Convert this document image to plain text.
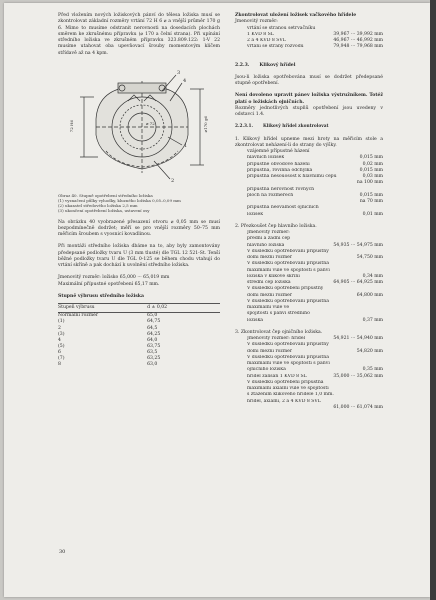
Před vložením nových ložiskových pánví do tělesa ložiska musí se zkontrolovat základní rozměry vrtání 72 H 6 ⌀ a vnější průměr 170 g 6. Mimo to musíme odstranit nerovnosti na dosedacích plochách směrem ke zkrušnému přípravku (⌀ 170 a čelní strana). Při upínání středního ložiska ve zkrušném přípravku 323.809.122: 1-V 22 musíme utahovat oba upevňovací šrouby momentovým klíčem střídavě až na 4 kpm.

3
4
1
2
72 H6	⌀170 g6
⌀ 72
Obraz 40. Stupně opotřebení středního ložiska
(1) vyznačení půlky vyhodky, kluzného ložiska 0,05–0,09 mm
(2) ukazatel středového ložiska 2,5 mm
(3) ukončení opotřebení ložiska, ustavení osy

Na obrázku 40 vyobrazené přesazení otvoru ⌀ 0,05 mm se musí bezpodmínečně dodržet; měří se pro vnější rozměry 50–75 mm měřicím šroubem s vyosnicí kovadlinou.

Při montáži středního ložiska dbáme na to, aby byly zamontovány předepsané podložky tvaru U (3 mm tlusté) dle TGL 12 521-St. Tenší běžné podložky tvaru U dle TGL 0-125 se během chodu vtahují do vrtání skříně a pak dochází k uvolnění středního ložiska.

Jmenovitý rozměr: ložisko 65,000 ··· 65,019 mm

Maximální přípustné opotřebení 65,17 mm.

Stupně výbrusu středního ložiska
Stupeň výbrusu	d ± 0,02
Normální rozměr	65,0
(1)	64,75
2	64,5
(3)	64,25
4	64,0
(5)	63,75
6	63,5
(7)	63,25
8	63,0
Zkontrolovat uložení ložisek vačkového hřídele
Jmenovitý rozměr:
vrtání se stranou setrvačníku
1 KVD 8 SL	39,967 ··· 39,992 mm
2 a 4 KVD 8 SVL	46,967 ··· 46,992 mm
vrtání se strany rozvodu	79,948 ··· 79,968 mm
2.2.3. Klikový hřídel

Jsou-li ložiska opotřebována musí se dodržet předepsané stupně opotřebení.

Není dovoleno upravit pánev ložiska výstružníkem. Totéž platí o ložiskách ojničních.

Rozměry jednotlivých stupňů opotřebení jsou uvedeny v odstavci 1.4.

2.2.3.1. Klikový hřídel zkontrolovat

1. Klikový hřídel upneme mezi hroty na měřicím stole a zkontrolovat neházení-li do strany do výšky.

vzájemné přípustné házení
hlavních ložisek	0,015 mm
přípustné obvodové házení	0,02 mm
přípustná, rovinná odchylka	0,015 mm
přípustná nesouosost k hlavnímu čepu	0,03 mm
na 100 mm
přípustná nerovnost rovných
ploch na rozměrech	0,015 mm
na 70 mm
přípustná neoválnost ojničních
ložisek	0,01 mm

2. Přezkoušet čep hlavního ložiska.

Jmenovitý rozměr:
přední a zadní čep
hlavního ložiska	54,935 ··· 54,975 mm
V důsledku opotřebování přípustný
dolní mezní rozměr	54,750 mm
V důsledku opotřebování přípustná
maximální vůle ve spojitosti s pánví
ložiska v klikové skříni	0,34 mm
střední čep ložiska	64,905 ··· 64,925 mm
V důsledku opotřebení přípustný
dolní mezní rozměr	64,800 mm
V důsledku opotřebování přípustná
maximální vůle ve
spojitosti s pánví středního
ložiska	0,37 mm

3. Zkontrolovat čep ojničního ložiska.

Jmenovitý rozměr: hřídel	54,921 ··· 54,940 mm
V důsledku opotřebování přípustný
dolní mezní rozměr	54,820 mm
V důsledku opotřebování přípustná
maximální vůle ve spojitosti s pánví
ojničního ložiska	0,35 mm
hřídel zalisán 1 KVD 8 SL	35,000 ··· 35,062 mm
V důsledku opotřebení přípustná
maximální axiální vůle ve spojitosti
s ztažením klikového hřídele 1,0 mm.
hřídel, axiální, 2 a 4 KVD 8 SVL
61,000 ··· 61,074 mm
30
